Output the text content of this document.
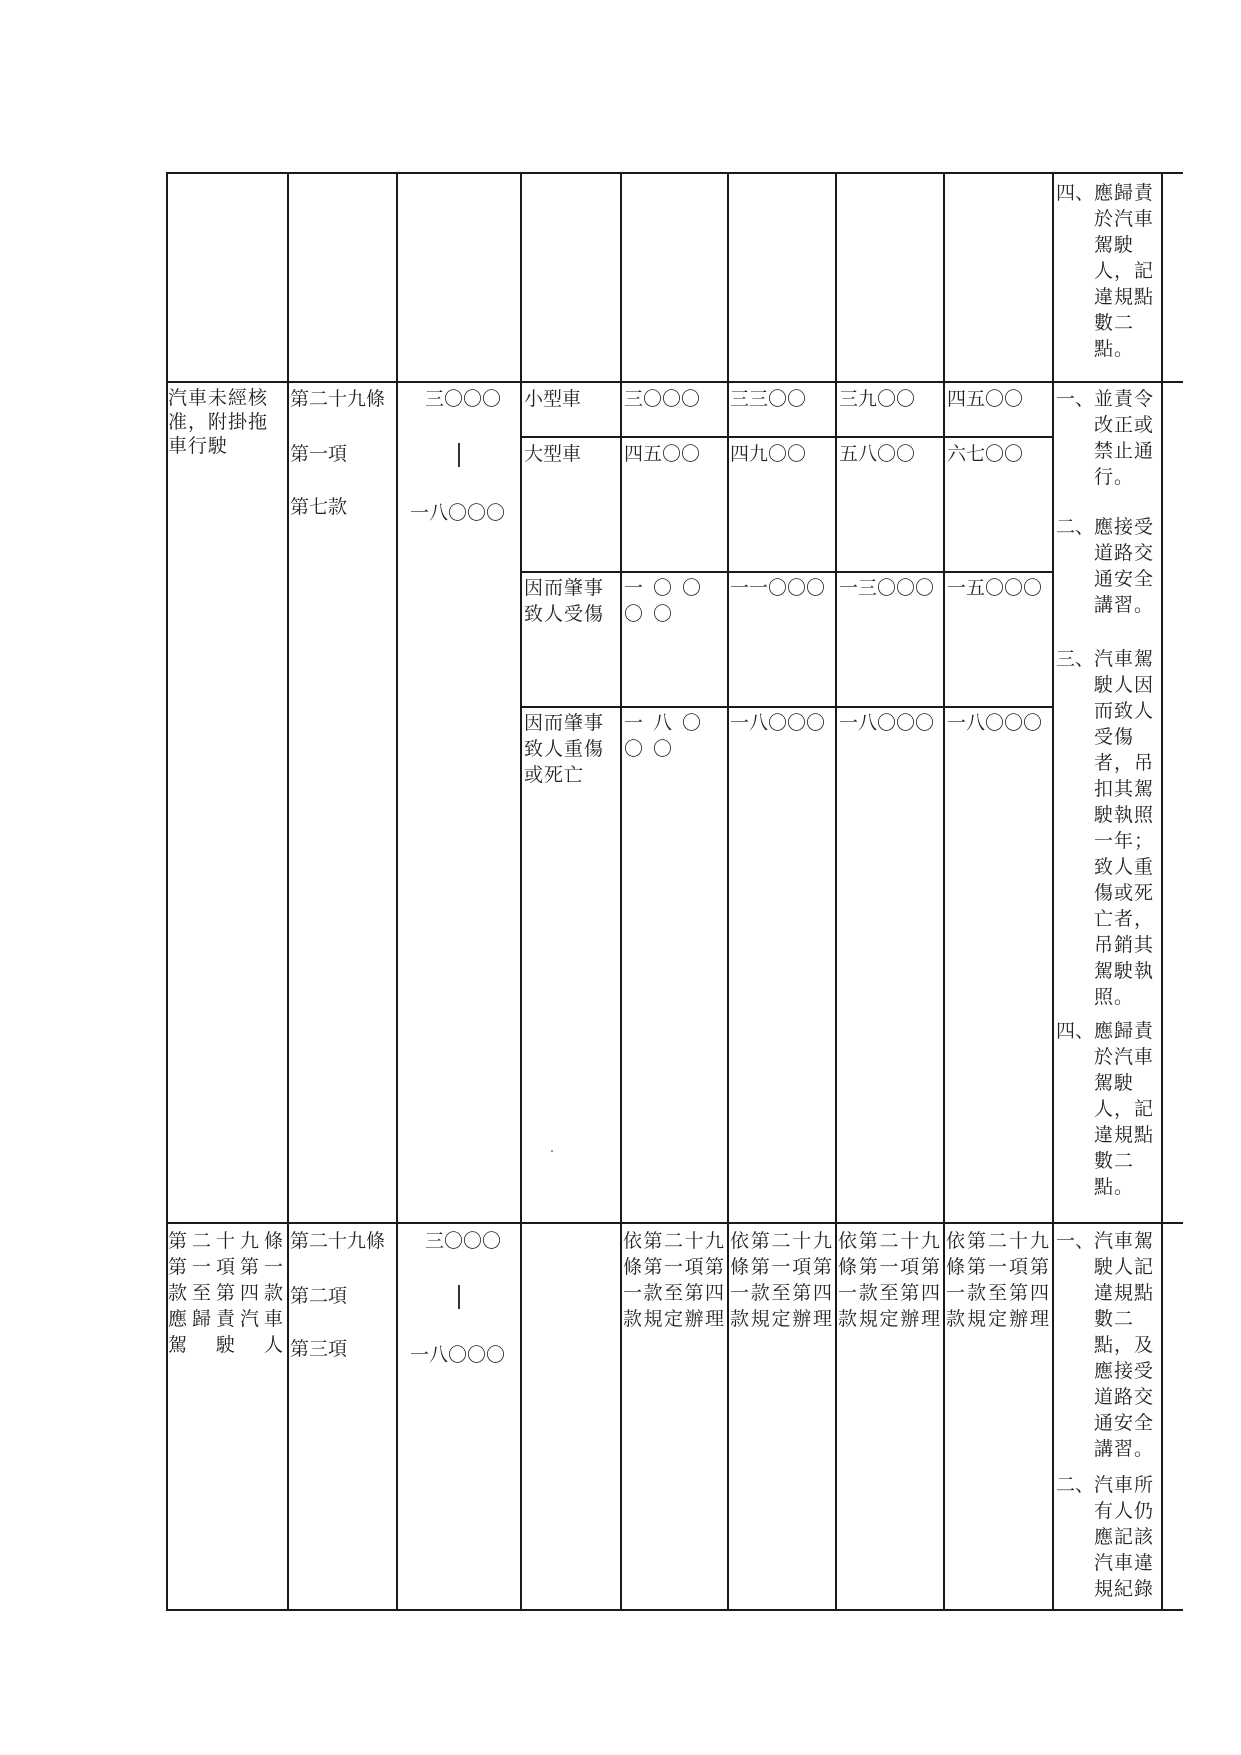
四、 應歸責於汽車駕駛人，記違規點數二點。
汽車未經核准，附掛拖車行駛
第二十九條
第一項
第七款
三〇〇〇
一八〇〇〇
小型車 三〇〇〇 三三〇〇 三九〇〇 四五〇〇
大型車 四五〇〇 四九〇〇 五八〇〇 六七〇〇
因而肇事致人受傷
一〇〇〇〇
一一〇〇〇 一三〇〇〇 一五〇〇〇
因而肇事致人重傷或死亡
一八〇〇〇
一八〇〇〇 一八〇〇〇 一八〇〇〇
一、 並責令改正或禁止通行。
二、 應接受道路交通安全講習。
三、 汽車駕駛人因而致人受傷者，吊扣其駕駛執照一年；致人重傷或死亡者，吊銷其駕駛執照。
四、 應歸責於汽車駕駛人，記違規點數二點。
第二十九條第一項第一款至第四款應歸責汽車駕駛人
第二十九條
第二項
第三項
三〇〇〇
一八〇〇〇
依第二十九條第一項第一款至第四款規定辦理
依第二十九條第一項第一款至第四款規定辦理
依第二十九條第一項第一款至第四款規定辦理
依第二十九條第一項第一款至第四款規定辦理
一、 汽車駕駛人記違規點數二點，及應接受道路交通安全講習。
二、 汽車所有人仍應記該汽車違規紀錄
